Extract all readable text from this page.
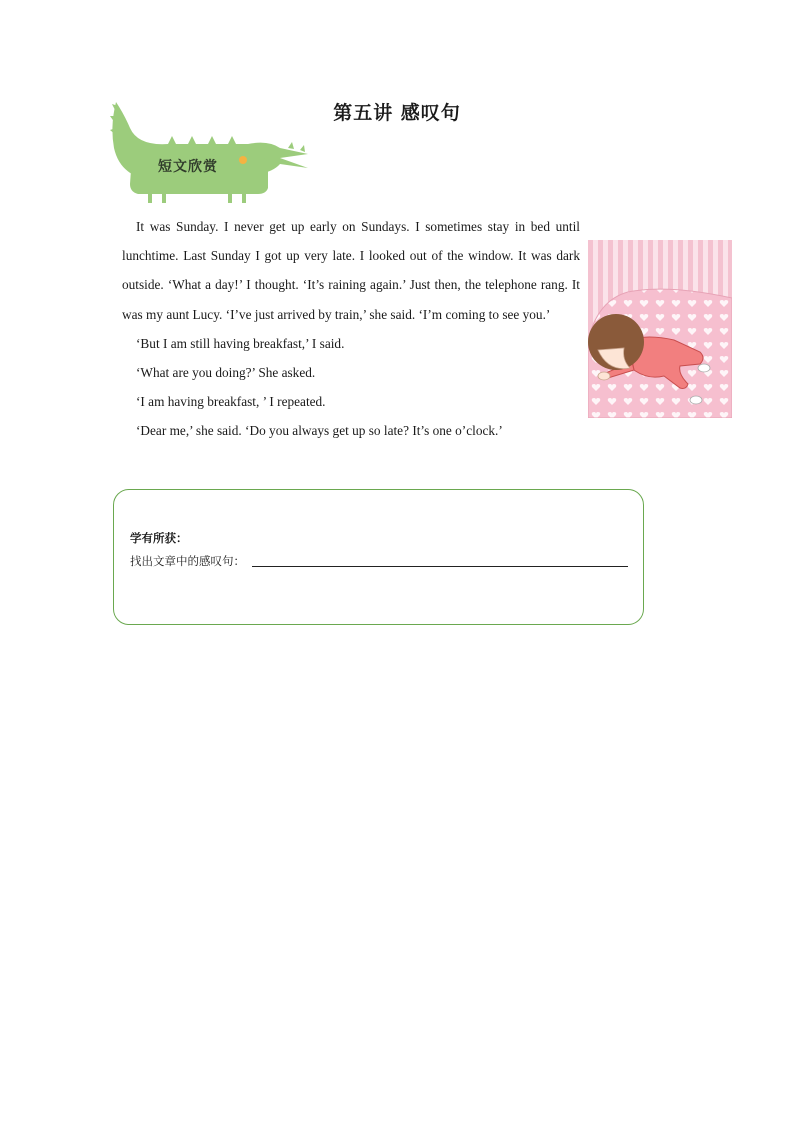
第五讲 感叹句
短文欣赏

It was Sunday. I never get up early on Sundays. I sometimes stay in bed until lunchtime. Last Sunday I got up very late. I looked out of the window. It was dark outside. ‘What a day!’ I thought. ‘It’s raining again.’ Just then, the telephone rang. It was my aunt Lucy. ‘I’ve just arrived by train,’ she said. ‘I’m coming to see you.’

‘But I am still having breakfast,’ I said.

‘What are you doing?’ She asked.

‘I am having breakfast, ’ I repeated.

‘Dear me,’ she said. ‘Do you always get up so late? It’s one o’clock.’

学有所获：
找出文章中的感叹句：
